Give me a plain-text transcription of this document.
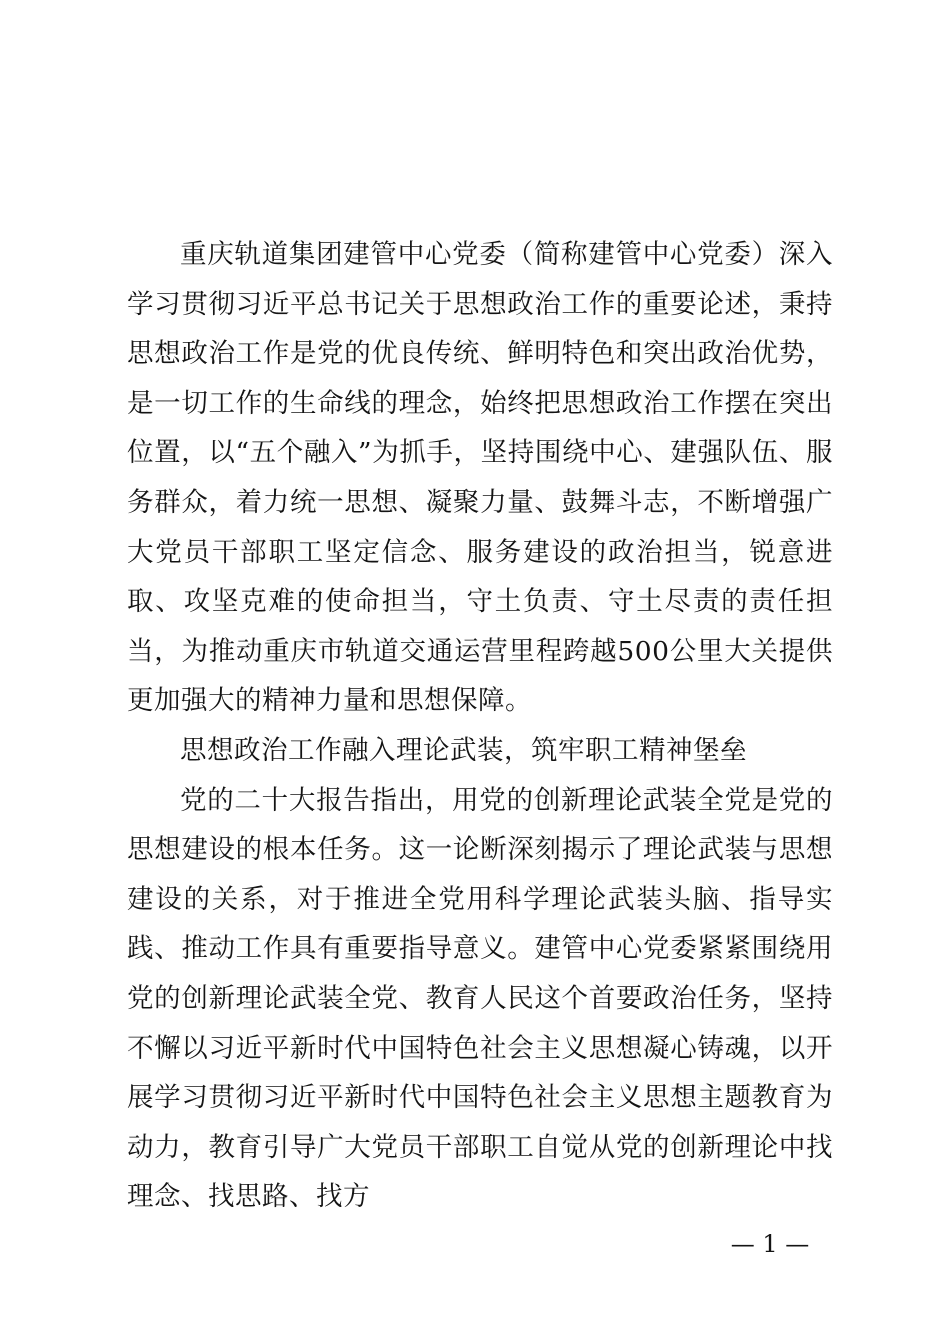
重庆轨道集团建管中心党委（简称建管中心党委）深入学习贯彻习近平总书记关于思想政治工作的重要论述，秉持思想政治工作是党的优良传统、鲜明特色和突出政治优势，是一切工作的生命线的理念，始终把思想政治工作摆在突出位置，以“五个融入”为抓手，坚持围绕中心、建强队伍、服务群众，着力统一思想、凝聚力量、鼓舞斗志，不断增强广大党员干部职工坚定信念、服务建设的政治担当，锐意进取、攻坚克难的使命担当，守土负责、守土尽责的责任担当，为推动重庆市轨道交通运营里程跨越500公里大关提供更加强大的精神力量和思想保障。

思想政治工作融入理论武装，筑牢职工精神堡垒

党的二十大报告指出，用党的创新理论武装全党是党的思想建设的根本任务。这一论断深刻揭示了理论武装与思想建设的关系，对于推进全党用科学理论武装头脑、指导实践、推动工作具有重要指导意义。建管中心党委紧紧围绕用党的创新理论武装全党、教育人民这个首要政治任务，坚持不懈以习近平新时代中国特色社会主义思想凝心铸魂，以开展学习贯彻习近平新时代中国特色社会主义思想主题教育为动力，教育引导广大党员干部职工自觉从党的创新理论中找理念、找思路、找方

— 1 —
